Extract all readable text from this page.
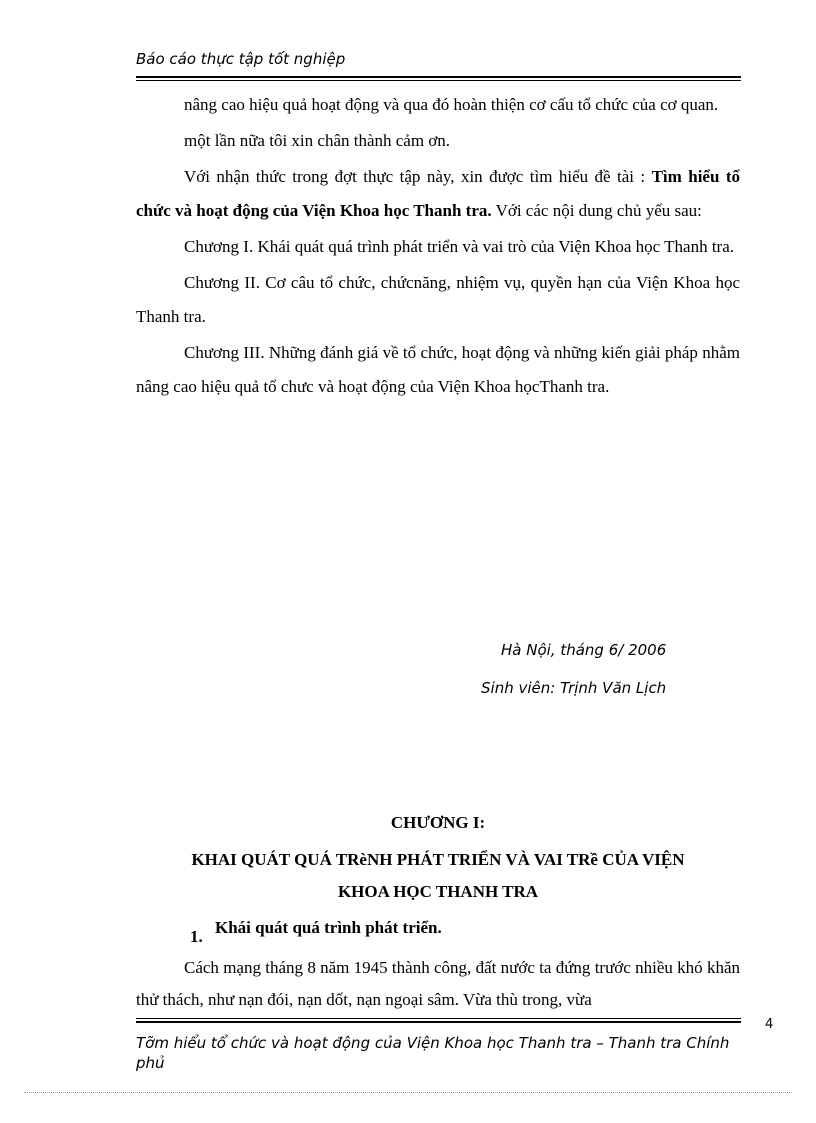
Báo cáo thực tập tốt nghiệp

nâng cao hiệu quả hoạt động và qua đó hoàn thiện cơ cấu tổ chức của cơ quan.

một lần nữa tôi xin chân thành cảm ơn.

Với nhận thức trong đợt thực tập này, xin được tìm hiểu đề tài : Tìm hiểu tổ chức và hoạt động của Viện Khoa học Thanh tra. Với các nội dung chủ yếu sau:

Chương I. Khái quát quá trình phát triển và vai trò của Viện Khoa học Thanh tra.

Chương II. Cơ câu tổ chức, chứcnăng, nhiệm vụ, quyền hạn của Viện Khoa học Thanh tra.

Chương III. Những đánh giá về tổ chức, hoạt động và những kiến giải pháp nhằm nâng cao hiệu quả tổ chưc và hoạt động của Viện Khoa họcThanh tra.

Hà Nội, tháng 6/ 2006
Sinh viên: Trịnh Văn Lịch
CHƯƠNG I:
KHAI QUÁT QUÁ TRèNH PHÁT TRIỂN VÀ VAI TRề CỦA VIỆN
KHOA HỌC THANH TRA
1. Khái quát quá trình phát triển.

Cách mạng tháng 8 năm 1945 thành công, đất nước ta đứng trước nhiều khó khăn thử thách, như nạn đói, nạn dốt, nạn ngoại sâm. Vừa thù trong, vừa

4
Tỡm hiểu tổ chức và hoạt động của Viện Khoa học Thanh tra – Thanh tra Chính phủ
